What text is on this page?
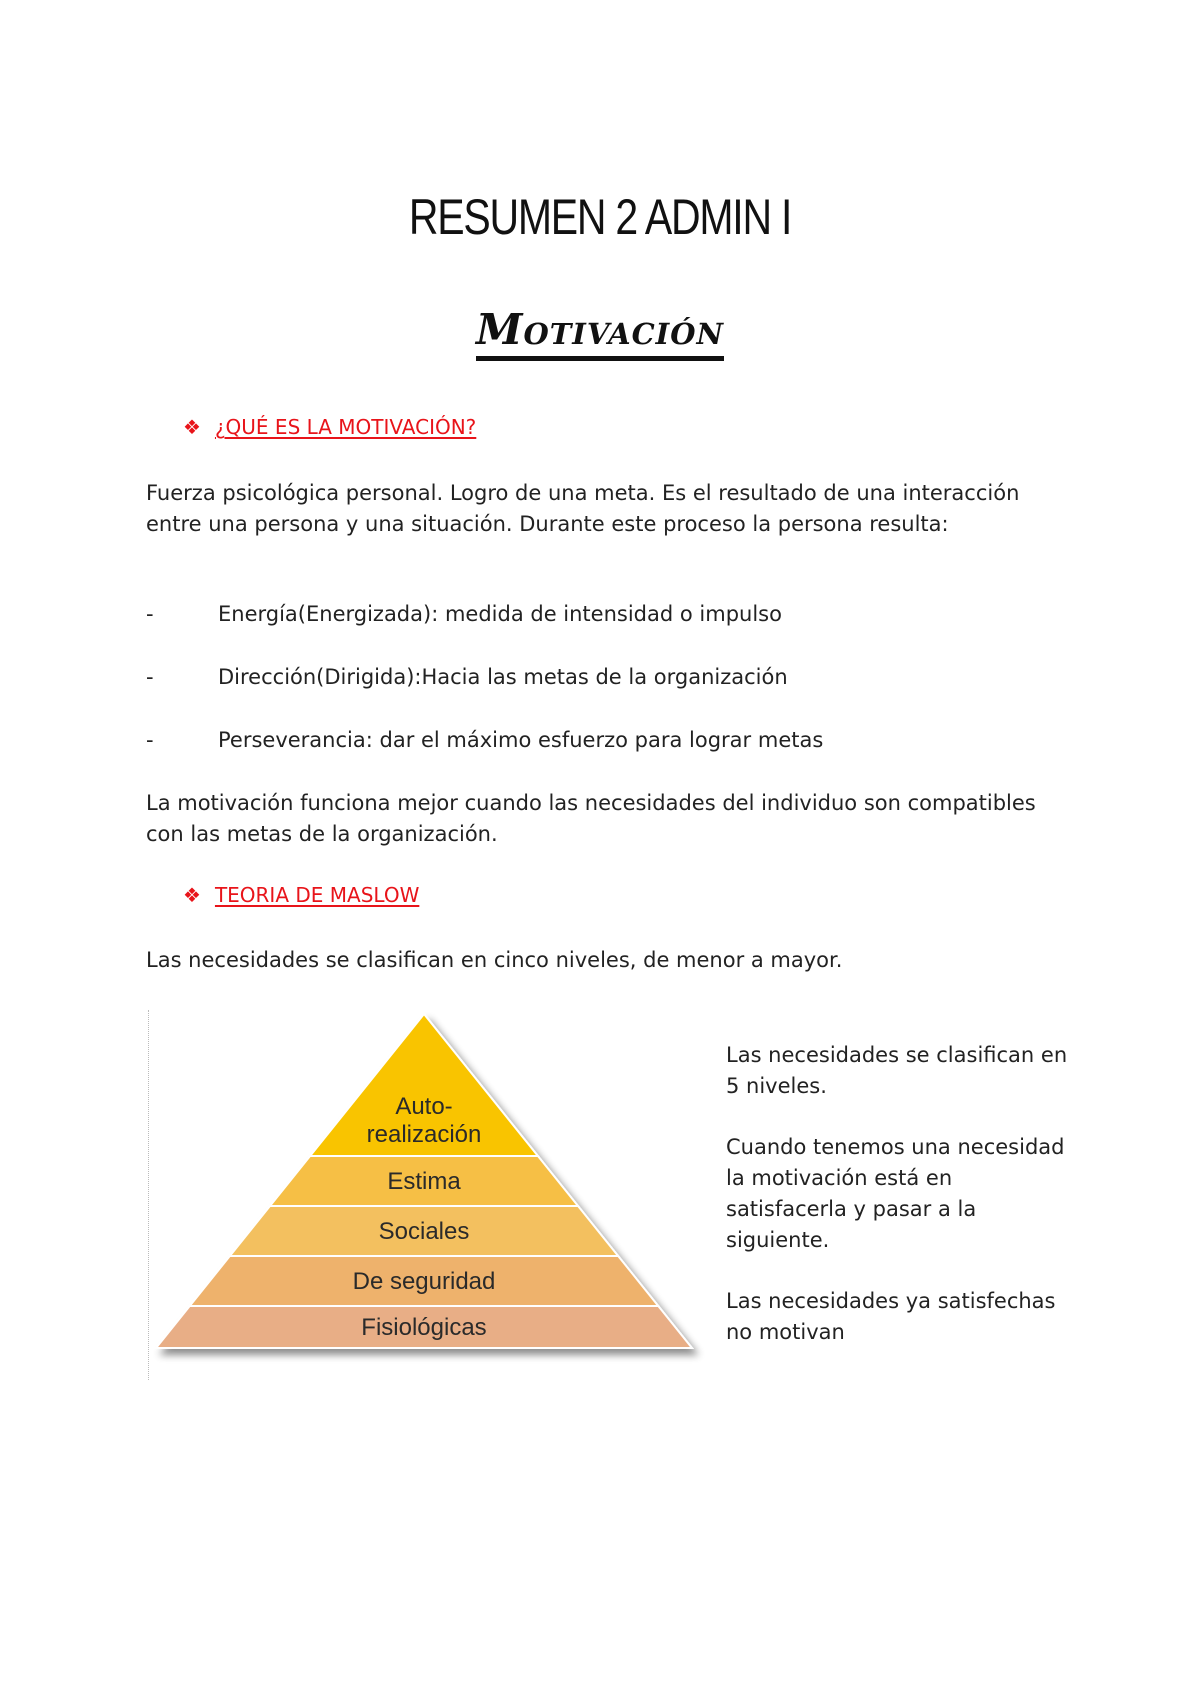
RESUMEN 2 ADMIN I
Motivación
❖ ¿QUÉ ES LA MOTIVACIÓN?

Fuerza psicológica personal. Logro de una meta. Es el resultado de una interacción entre una persona y una situación. Durante este proceso la persona resulta:

-	Energía(Energizada): medida de intensidad o impulso
-	Dirección(Dirigida):Hacia las metas de la organización
-	Perseverancia: dar el máximo esfuerzo para lograr metas

La motivación funciona mejor cuando las necesidades del individuo son compatibles con las metas de la organización.

❖ TEORIA DE MASLOW

Las necesidades se clasifican en cinco niveles, de menor a mayor.

Auto-
realización
Estima
Sociales
De seguridad
Fisiológicas

Las necesidades se clasifican en 5 niveles.

Cuando tenemos una necesidad la motivación está en satisfacerla y pasar a la siguiente.

Las necesidades ya satisfechas no motivan
